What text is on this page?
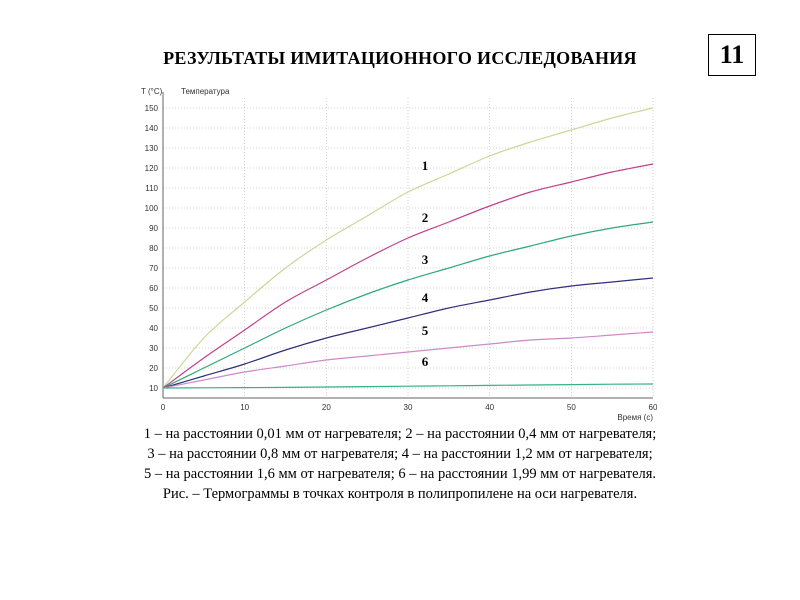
РЕЗУЛЬТАТЫ ИМИТАЦИОННОГО ИССЛЕДОВАНИЯ	11
10
20
30
40
50
60
70
80
90
100
110
120
130
140
150
0	10	20	30	40	50	60
T (°C) Температура
Время (с)
1
2
3
4
5
6
1 – на расстоянии 0,01 мм от нагревателя; 2 – на расстоянии 0,4 мм от нагревателя;
3 – на расстоянии 0,8 мм от нагревателя; 4 – на расстоянии 1,2 мм от нагревателя;
5 – на расстоянии 1,6 мм от нагревателя; 6 – на расстоянии 1,99 мм от нагревателя.
Рис. – Термограммы в точках контроля в полипропилене на оси нагревателя.
